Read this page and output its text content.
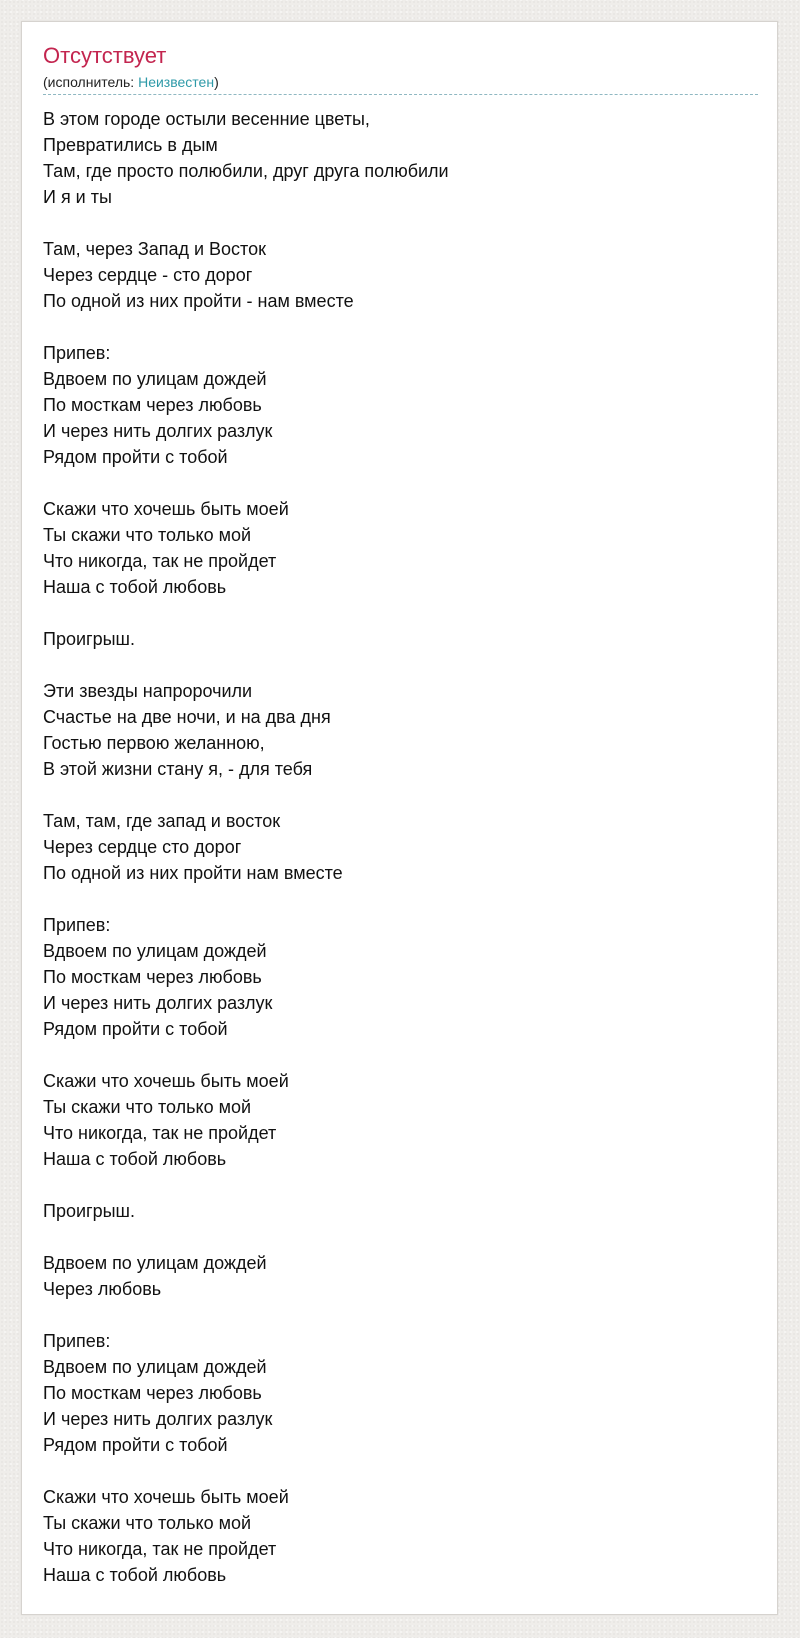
Отсутствует
(исполнитель: Неизвестен)
В этом городе остыли весенние цветы,
Превратились в дым
Там, где просто полюбили, друг друга полюбили
И я и ты
Там, через Запад и Восток
Через сердце - сто дорог
По одной из них пройти - нам вместе
Припев:
Вдвоем по улицам дождей
По мосткам через любовь
И через нить долгих разлук
Рядом пройти с тобой
Скажи что хочешь быть моей
Ты скажи что только мой
Что никогда, так не пройдет
Наша с тобой любовь
Проигрыш.
Эти звезды напророчили
Счастье на две ночи, и на два дня
Гостью первою желанною,
В этой жизни стану я, - для тебя
Там, там, где запад и восток
Через сердце сто дорог
По одной из них пройти нам вместе
Припев:
Вдвоем по улицам дождей
По мосткам через любовь
И через нить долгих разлук
Рядом пройти с тобой
Скажи что хочешь быть моей
Ты скажи что только мой
Что никогда, так не пройдет
Наша с тобой любовь
Проигрыш.
Вдвоем по улицам дождей
Через любовь
Припев:
Вдвоем по улицам дождей
По мосткам через любовь
И через нить долгих разлук
Рядом пройти с тобой
Скажи что хочешь быть моей
Ты скажи что только мой
Что никогда, так не пройдет
Наша с тобой любовь
